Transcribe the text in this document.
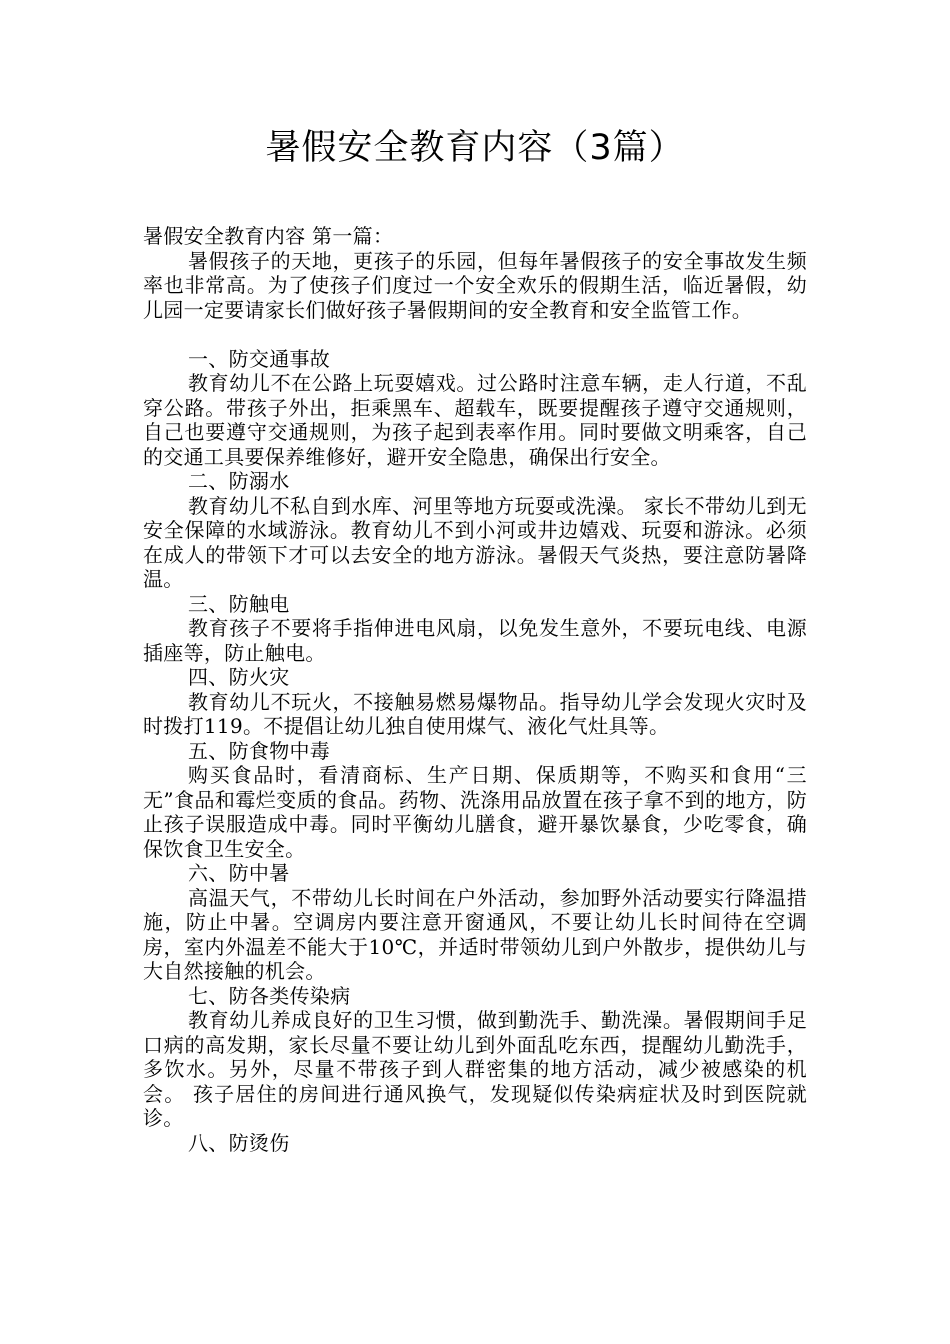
暑假安全教育内容（3篇）

暑假安全教育内容 第一篇：

暑假孩子的天地，更孩子的乐园，但每年暑假孩子的安全事故发生频率也非常高。为了使孩子们度过一个安全欢乐的假期生活，临近暑假，幼儿园一定要请家长们做好孩子暑假期间的安全教育和安全监管工作。

一、防交通事故

教育幼儿不在公路上玩耍嬉戏。过公路时注意车辆，走人行道，不乱穿公路。带孩子外出，拒乘黑车、超载车，既要提醒孩子遵守交通规则，自己也要遵守交通规则，为孩子起到表率作用。同时要做文明乘客，自己的交通工具要保养维修好，避开安全隐患，确保出行安全。

二、防溺水

教育幼儿不私自到水库、河里等地方玩耍或洗澡。 家长不带幼儿到无安全保障的水域游泳。教育幼儿不到小河或井边嬉戏、玩耍和游泳。必须在成人的带领下才可以去安全的地方游泳。暑假天气炎热，要注意防暑降温。

三、防触电

教育孩子不要将手指伸进电风扇，以免发生意外，不要玩电线、电源插座等，防止触电。

四、防火灾

教育幼儿不玩火，不接触易燃易爆物品。指导幼儿学会发现火灾时及时拨打119。不提倡让幼儿独自使用煤气、液化气灶具等。

五、防食物中毒

购买食品时，看清商标、生产日期、保质期等，不购买和食用“三无”食品和霉烂变质的食品。药物、洗涤用品放置在孩子拿不到的地方，防止孩子误服造成中毒。同时平衡幼儿膳食，避开暴饮暴食，少吃零食，确保饮食卫生安全。

六、防中暑

高温天气，不带幼儿长时间在户外活动，参加野外活动要实行降温措施，防止中暑。空调房内要注意开窗通风，不要让幼儿长时间待在空调房，室内外温差不能大于10℃，并适时带领幼儿到户外散步，提供幼儿与大自然接触的机会。

七、防各类传染病

教育幼儿养成良好的卫生习惯，做到勤洗手、勤洗澡。暑假期间手足口病的高发期，家长尽量不要让幼儿到外面乱吃东西，提醒幼儿勤洗手，多饮水。另外，尽量不带孩子到人群密集的地方活动，减少被感染的机会。 孩子居住的房间进行通风换气，发现疑似传染病症状及时到医院就诊。

八、防烫伤
